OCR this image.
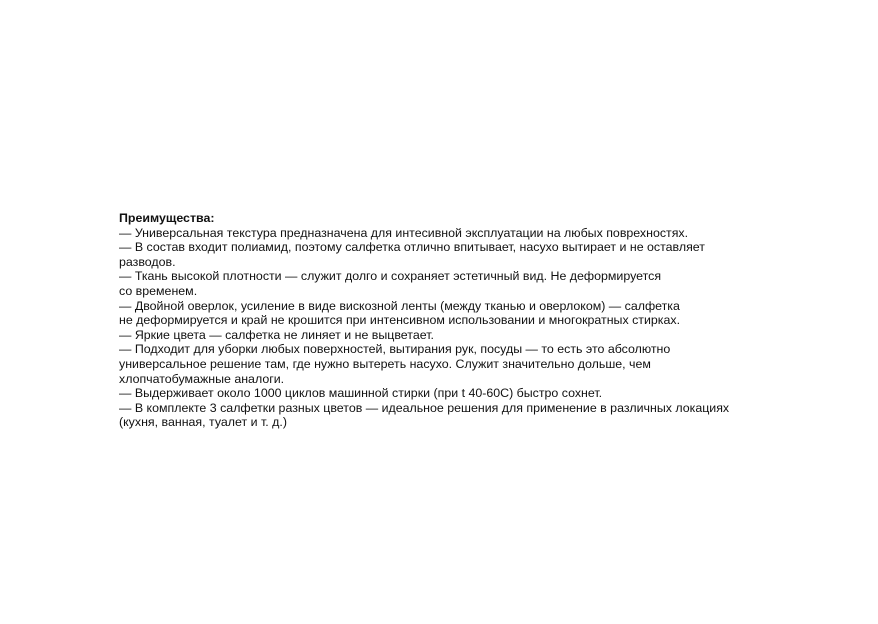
Преимущества:

— Универсальная текстура предназначена для интесивной эксплуатации на любых поврехностях.

— В состав входит полиамид, поэтому салфетка отлично впитывает, насухо вытирает и не оставляет

разводов.

— Ткань высокой плотности — служит долго и сохраняет эстетичный вид. Не деформируется

со временем.

— Двойной оверлок, усиление в виде вискозной ленты (между тканью и оверлоком) — салфетка

не деформируется и край не крошится при интенсивном использовании и многократных стирках.

— Яркие цвета — салфетка не линяет и не выцветает.

— Подходит для уборки любых поверхностей, вытирания рук, посуды — то есть это абсолютно

универсальное решение там, где нужно вытереть насухо. Служит значительно дольше, чем

хлопчатобумажные аналоги.

— Выдерживает около 1000 циклов машинной стирки (при t 40-60С) быстро сохнет.

— В комплекте 3 салфетки разных цветов — идеальное решения для применение в различных локациях

(кухня, ванная, туалет и т. д.)
